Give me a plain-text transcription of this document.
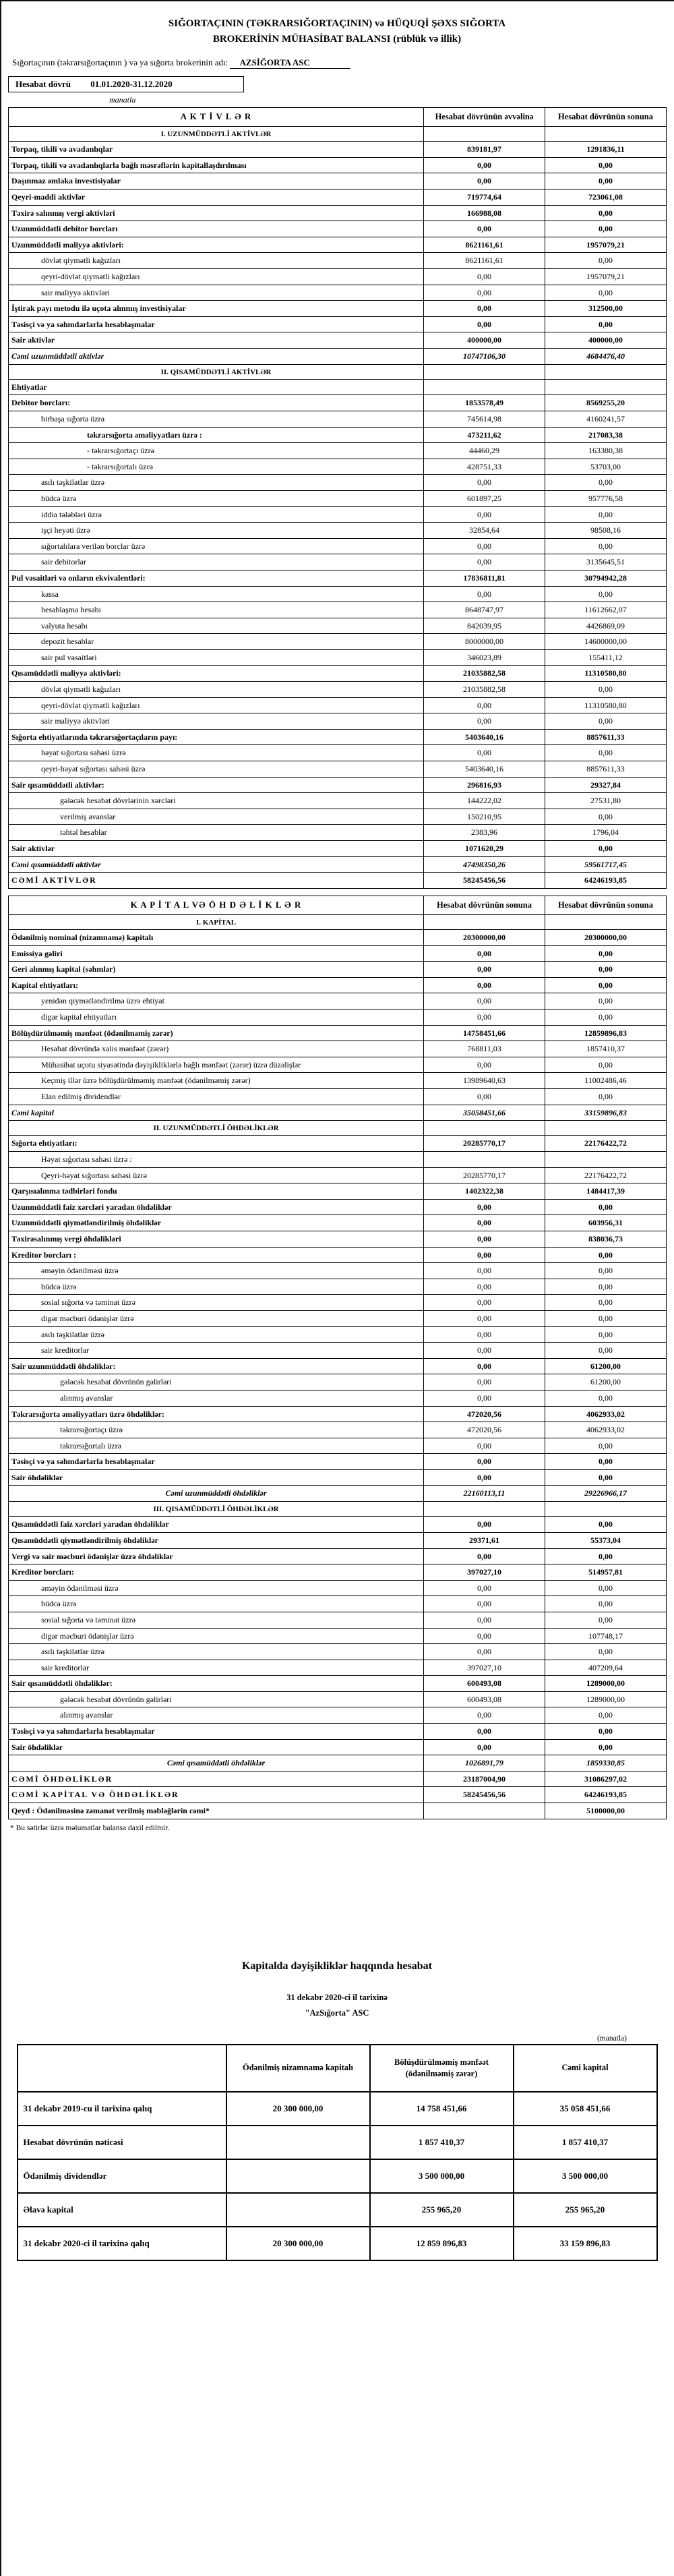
SIĞORTAÇININ (TƏKRARSIĞORTAÇININ) və HÜQUQİ ŞƏXS SIĞORTA
BROKERİNİN MÜHASİBAT BALANSI (rüblük və illik)
Sığortaçının (təkrarsığortaçının ) və ya sığorta brokerinin adı: AZSİĞORTA ASC
Hesabat dövrü 01.01.2020-31.12.2020
manatla
A K T İ V L Ə R	Hesabat dövrünün əvvəlinə	Hesabat dövrünün sonuna
I. UZUNMÜDDƏTLİ AKTİVLƏR		
Torpaq, tikili və avadanlıqlar	839181,97	1291836,11
Torpaq, tikili və avadanlıqlarla bağlı məsrəflərin kapitallaşdırılması	0,00	0,00
Daşınmaz əmlaka investisiyalar	0,00	0,00
Qeyri-maddi aktivlər	719774,64	723061,08
Təxirə salınmış vergi aktivləri	166988,08	0,00
Uzunmüddətli debitor borcları	0,00	0,00
Uzunmüddətli maliyyə aktivləri:	8621161,61	1957079,21
dövlət qiymətli kağızları	8621161,61	0,00
qeyri-dövlət qiymətli kağızları	0,00	1957079,21
sair maliyyə aktivləri	0,00	0,00
İştirak payı metodu ilə uçota alınmış investisiyalar	0,00	312500,00
Təsisçi və ya səhmdarlarla hesablaşmalar	0,00	0,00
Sair aktivlər	400000,00	400000,00
Cəmi uzunmüddətli aktivlər	10747106,30	4684476,40
II. QISAMÜDDƏTLİ AKTİVLƏR		
Ehtiyatlar		
Debitor borcları:	1853578,49	8569255,20
birbaşa sığorta üzrə	745614,98	4160241,57
təkrarsığorta əməliyyatları üzrə :	473211,62	217083,38
- təkrarsığortaçı üzrə	44460,29	163380,38
- təkrarsığortalı üzrə	428751,33	53703,00
asılı təşkilatlar üzrə	0,00	0,00
büdcə üzrə	601897,25	957776,58
iddia tələbləri üzrə	0,00	0,00
işçi heyəti üzrə	32854,64	98508,16
sığortalılara verilən borclar üzrə	0,00	0,00
sair debitorlar	0,00	3135645,51
Pul vəsaitləri və onların ekvivalentləri:	17836811,81	30794942,28
kassa	0,00	0,00
hesablaşma hesabı	8648747,97	11612662,07
valyuta hesabı	842039,95	4426869,09
depozit hesablar	8000000,00	14600000,00
sair pul vəsaitləri	346023,89	155411,12
Qısamüddətli maliyyə aktivləri:	21035882,58	11310580,80
dövlət qiymətli kağızları	21035882,58	0,00
qeyri-dövlət qiymətli kağızları	0,00	11310580,80
sair maliyyə aktivləri	0,00	0,00
Sığorta ehtiyatlarında təkrarsığortaçıların payı:	5403640,16	8857611,33
həyat sığortası sahəsi üzrə	0,00	0,00
qeyri-həyat sığortası sahəsi üzrə	5403640,16	8857611,33
Sair qısamüddətli aktivlər:	296816,93	29327,84
gələcək hesabat dövrlərinin xərcləri	144222,02	27531,80
verilmiş avanslar	150210,95	0,00
təhtəl hesablar	2383,96	1796,04
Sair aktivlər	1071620,29	0,00
Cəmi qısamüddətli aktivlər	47498350,26	59561717,45
CƏMİ AKTİVLƏR	58245456,56	64246193,85
K A P İ T A L VƏ Ö H D Ə L İ K L Ə R	Hesabat dövrünün sonuna	Hesabat dövrünün sonuna
I. KAPİTAL		
Ödənilmiş nominal (nizamnamə) kapitalı	20300000,00	20300000,00
Emissiya gəliri	0,00	0,00
Geri alınmış kapital (səhmlər)	0,00	0,00
Kapital ehtiyatları:	0,00	0,00
yenidən qiymətləndirilmə üzrə ehtiyat	0,00	0,00
digər kapital ehtiyatları	0,00	0,00
Bölüşdürülməmiş mənfəət (ödənilməmiş zərər)	14758451,66	12859896,83
Hesabat dövründə xalis mənfəət (zərər)	768811,03	1857410,37
Mühasibat uçotu siyasətində dəyişikliklərlə bağlı mənfəət (zərər) üzrə düzəlişlər	0,00	0,00
Keçmiş illər üzrə bölüşdürülməmiş mənfəət (ödənilməmiş zərər)	13989640,63	11002486,46
Elan edilmiş dividendlər	0,00	0,00
Cəmi kapital	35058451,66	33159896,83
II. UZUNMÜDDƏTLİ ÖHDƏLİKLƏR		
Sığorta ehtiyatları:	20285770,17	22176422,72
Həyat sığortası sahəsi üzrə :		
Qeyri-həyat sığortası sahəsi üzrə	20285770,17	22176422,72
Qarşısıalınma tədbirləri fondu	1402322,38	1484417,39
Uzunmüddətli faiz xərcləri yaradan öhdəliklər	0,00	0,00
Uzunmüddətli qiymətləndirilmiş öhdəliklər	0,00	603956,31
Təxirəsalınmış vergi öhdəlikləri	0,00	838036,73
Kreditor borcları :	0,00	0,00
əməyin ödənilməsi üzrə	0,00	0,00
büdcə üzrə	0,00	0,00
sosial sığorta və təminat üzrə	0,00	0,00
digər məcburi ödənişlər üzrə	0,00	0,00
asılı təşkilatlar üzrə	0,00	0,00
sair kreditorlar	0,00	0,00
Sair uzunmüddətli öhdəliklər:	0,00	61200,00
gələcək hesabat dövrünün gəlirləri	0,00	61200,00
alınmış avanslar	0,00	0,00
Təkrarsığorta əməliyyatları üzrə öhdəliklər:	472020,56	4062933,02
təkrarsığortaçı üzrə	472020,56	4062933,02
təkrarsığortalı üzrə	0,00	0,00
Təsisçi və ya səhmdarlarla hesablaşmalar	0,00	0,00
Sair öhdəliklər	0,00	0,00
Cəmi uzunmüddətli öhdəliklər	22160113,11	29226966,17
III. QISAMÜDDƏTLİ ÖHDƏLİKLƏR		
Qısamüddətli faiz xərcləri yaradan öhdəliklər	0,00	0,00
Qısamüddətli qiymətləndirilmiş öhdəliklər	29371,61	55373,04
Vergi və sair məcburi ödənişlər üzrə öhdəliklər	0,00	0,00
Kreditor borcları:	397027,10	514957,81
əməyin ödənilməsi üzrə	0,00	0,00
büdcə üzrə	0,00	0,00
sosial sığorta və təminat üzrə	0,00	0,00
digər məcburi ödənişlər üzrə	0,00	107748,17
asılı təşkilatlar üzrə	0,00	0,00
sair kreditorlar	397027,10	407209,64
Sair qısamüddətli öhdəliklər:	600493,08	1289000,00
gələcək hesabat dövrünün gəlirləri	600493,08	1289000,00
alınmış avanslar	0,00	0,00
Təsisçi və ya səhmdarlarla hesablaşmalar	0,00	0,00
Sair öhdəliklər	0,00	0,00
Cəmi qısamüddətli öhdəliklər	1026891,79	1859330,85
CƏMİ ÖHDƏLİKLƏR	23187004,90	31086297,02
CƏMİ KAPİTAL VƏ ÖHDƏLİKLƏR	58245456,56	64246193,85
Qeyd : Ödənilməsinə zəmanət verilmiş məbləğlərin cəmi*		5100000,00
* Bu sətirlər üzrə məlumatlar balansa daxil edilmir.
Kapitalda dəyişikliklər haqqında hesabat
31 dekabr 2020-ci il tarixinə
"AzSığorta" ASC
(manatla)
	Ödənilmiş nizamnamə kapitalı	Bölüşdürülməmiş mənfəət (ödənilməmiş zərər)	Cəmi kapital
31 dekabr 2019-cu il tarixinə qalıq	20 300 000,00	14 758 451,66	35 058 451,66
Hesabat dövrünün nəticəsi		1 857 410,37	1 857 410,37
Ödənilmiş dividendlər		3 500 000,00	3 500 000,00
Əlavə kapital		255 965,20	255 965,20
31 dekabr 2020-ci il tarixinə qalıq	20 300 000,00	12 859 896,83	33 159 896,83
